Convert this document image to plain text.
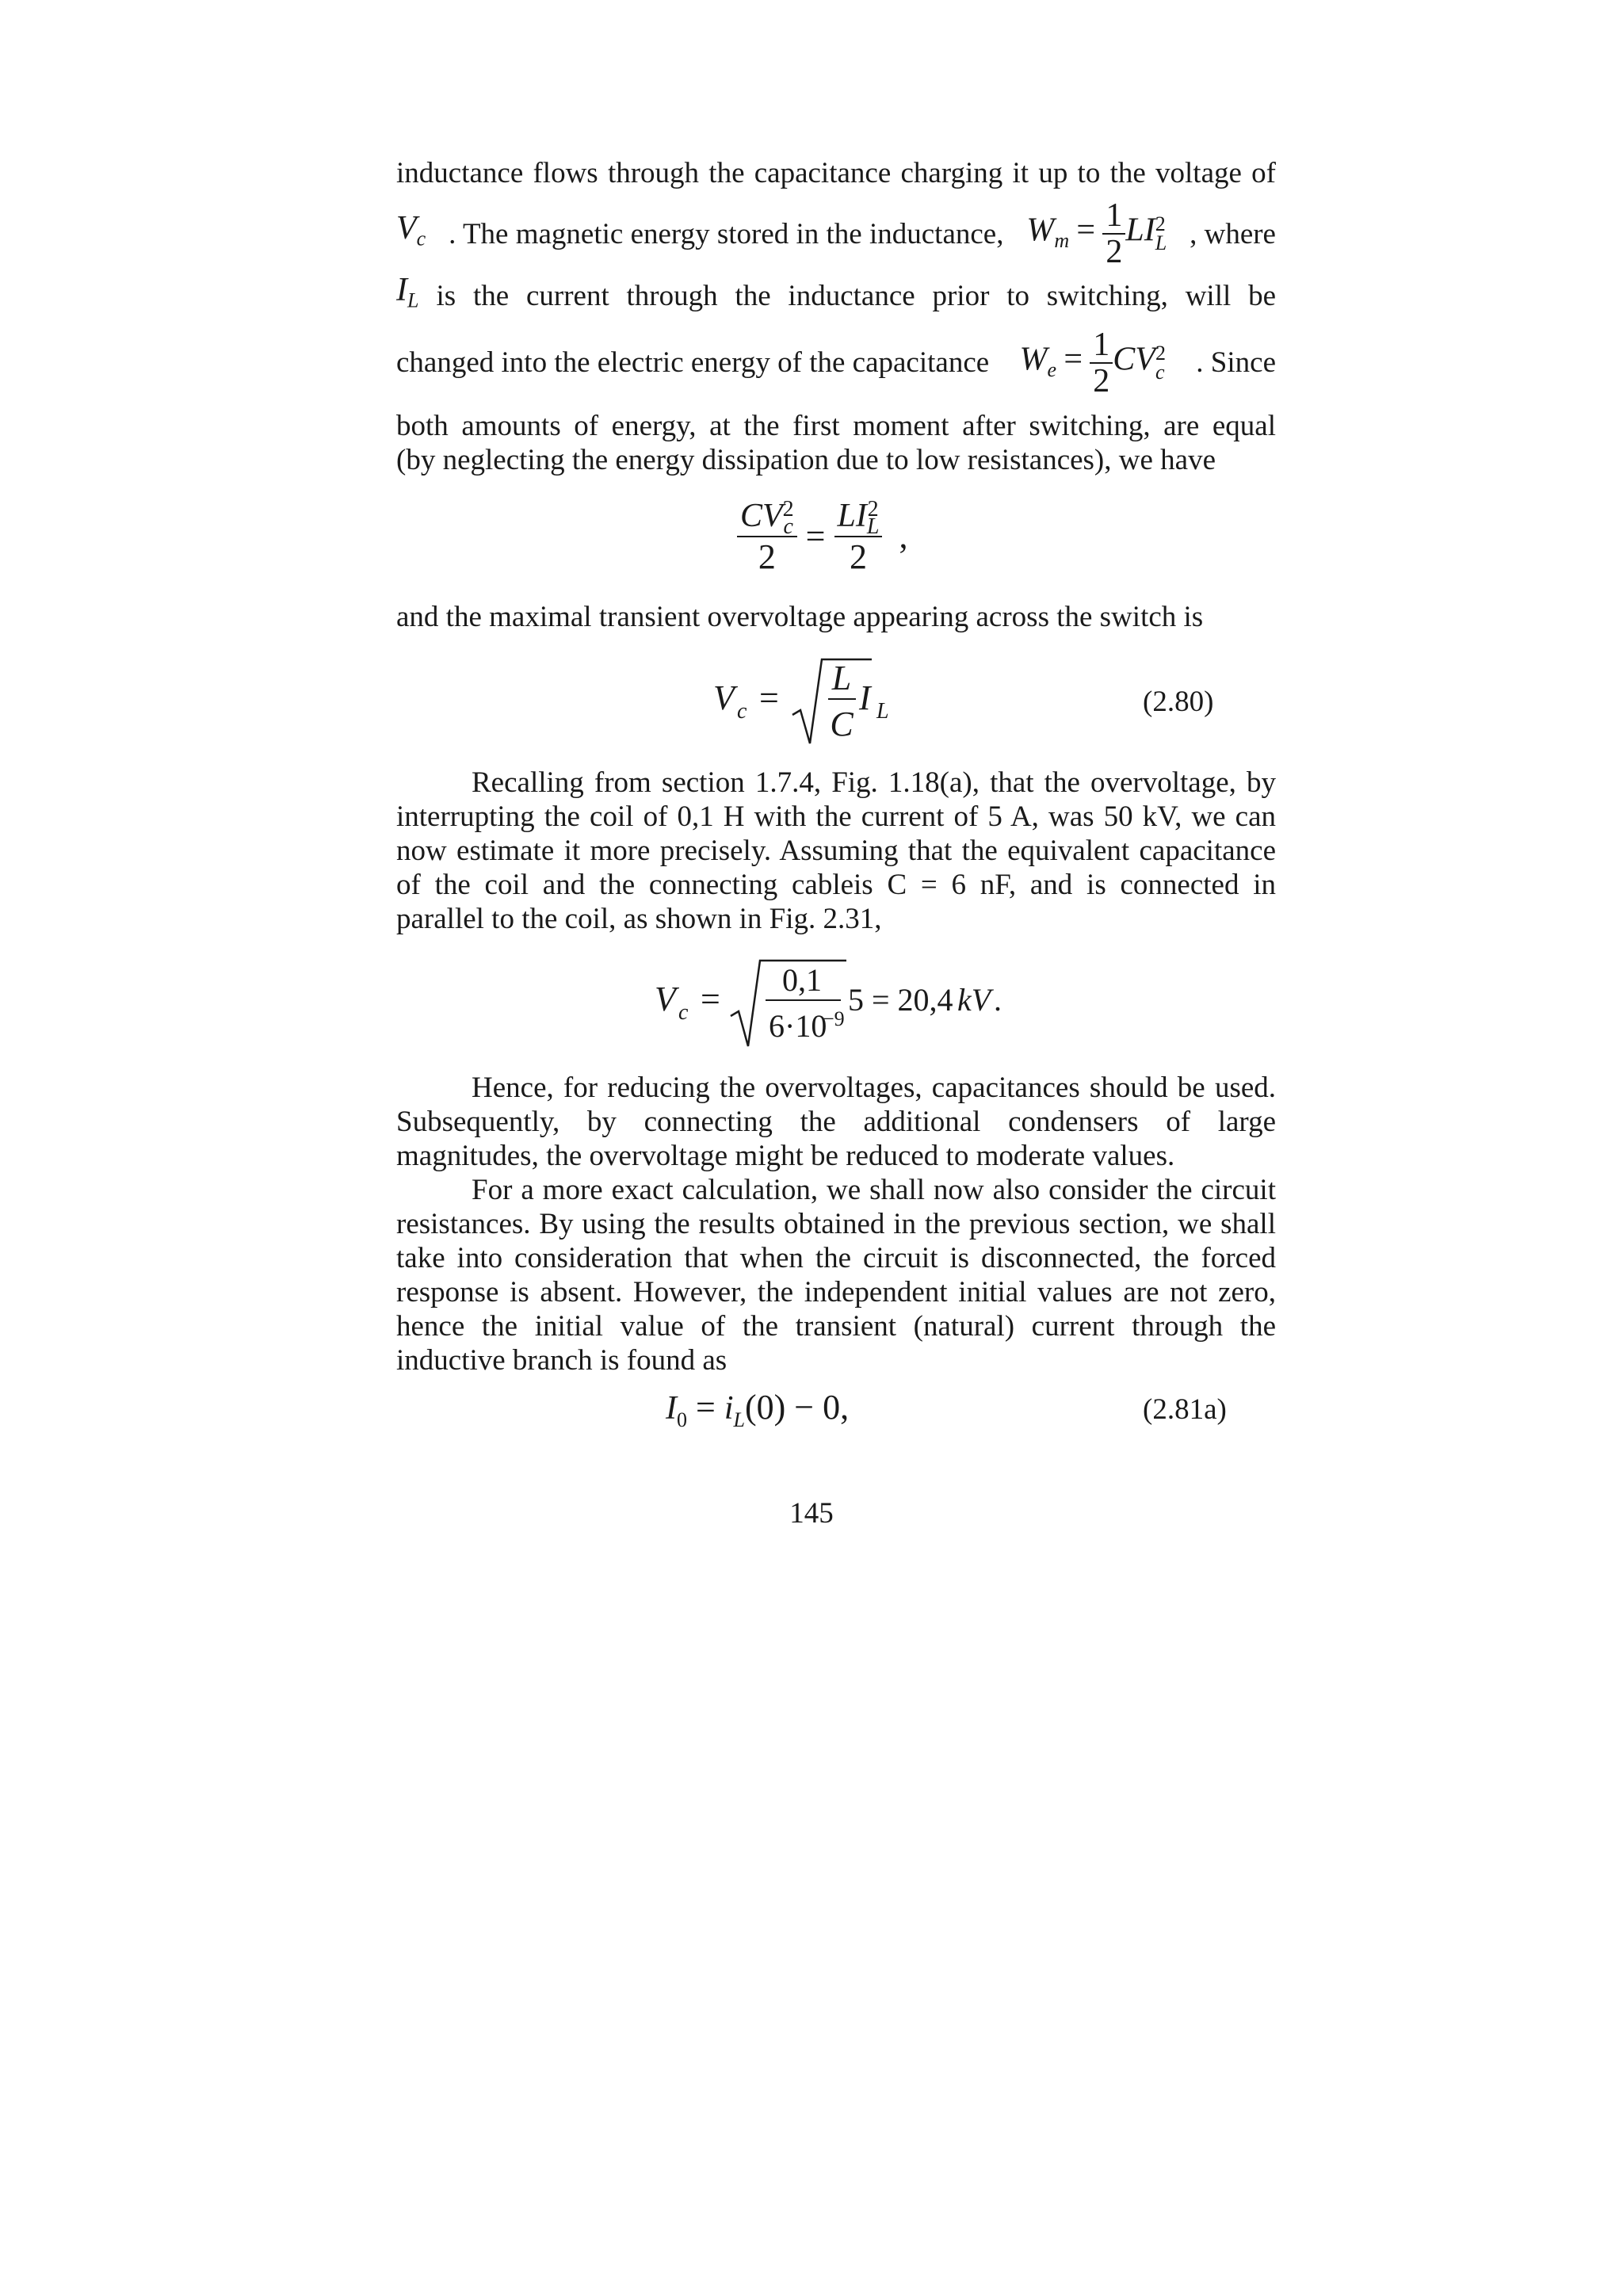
inductance flows through the capacitance charging it up to the voltage of
$V_c$ . The magnetic energy stored in the inductance, $W_m = \frac{1}{2}$ LI 2
L , where
$I_L$ is the current through the inductance prior to switching, will be
changed into the electric energy of the capacitance $W_e = \frac{1}{2}$ CV 2
c . Since
both amounts of energy, at the first moment after switching, are equal
(by neglecting the energy dissipation due to low resistances), we have
CV 2
c
2 = LI 2
L
2 ,
and the maximal transient overvoltage appearing across the switch is
V c =
L
C
I L	(2.80)
Recalling from section 1.7.4, Fig. 1.18(a), that the overvoltage, by interrupting the coil of 0,1 H with the current of 5 A, was 50 kV, we can now estimate it more precisely. Assuming that the equivalent capacitance of the coil and the connecting cableis C = 6 nF, and is connected in parallel to the coil, as shown in Fig. 2.31,
V c = 0,1
6·10
−9
5 = 20,4 kV .
Hence, for reducing the overvoltages, capacitances should be used. Subsequently, by connecting the additional condensers of large magnitudes, the overvoltage might be reduced to moderate values.
For a more exact calculation, we shall now also consider the circuit resistances. By using the results obtained in the previous section, we shall take into consideration that when the circuit is disconnected, the forced response is absent. However, the independent initial values are not zero, hence the initial value of the transient (natural) current through the inductive branch is found as
$I_0 = i_L(0) - 0$,	(2.81a)
145
